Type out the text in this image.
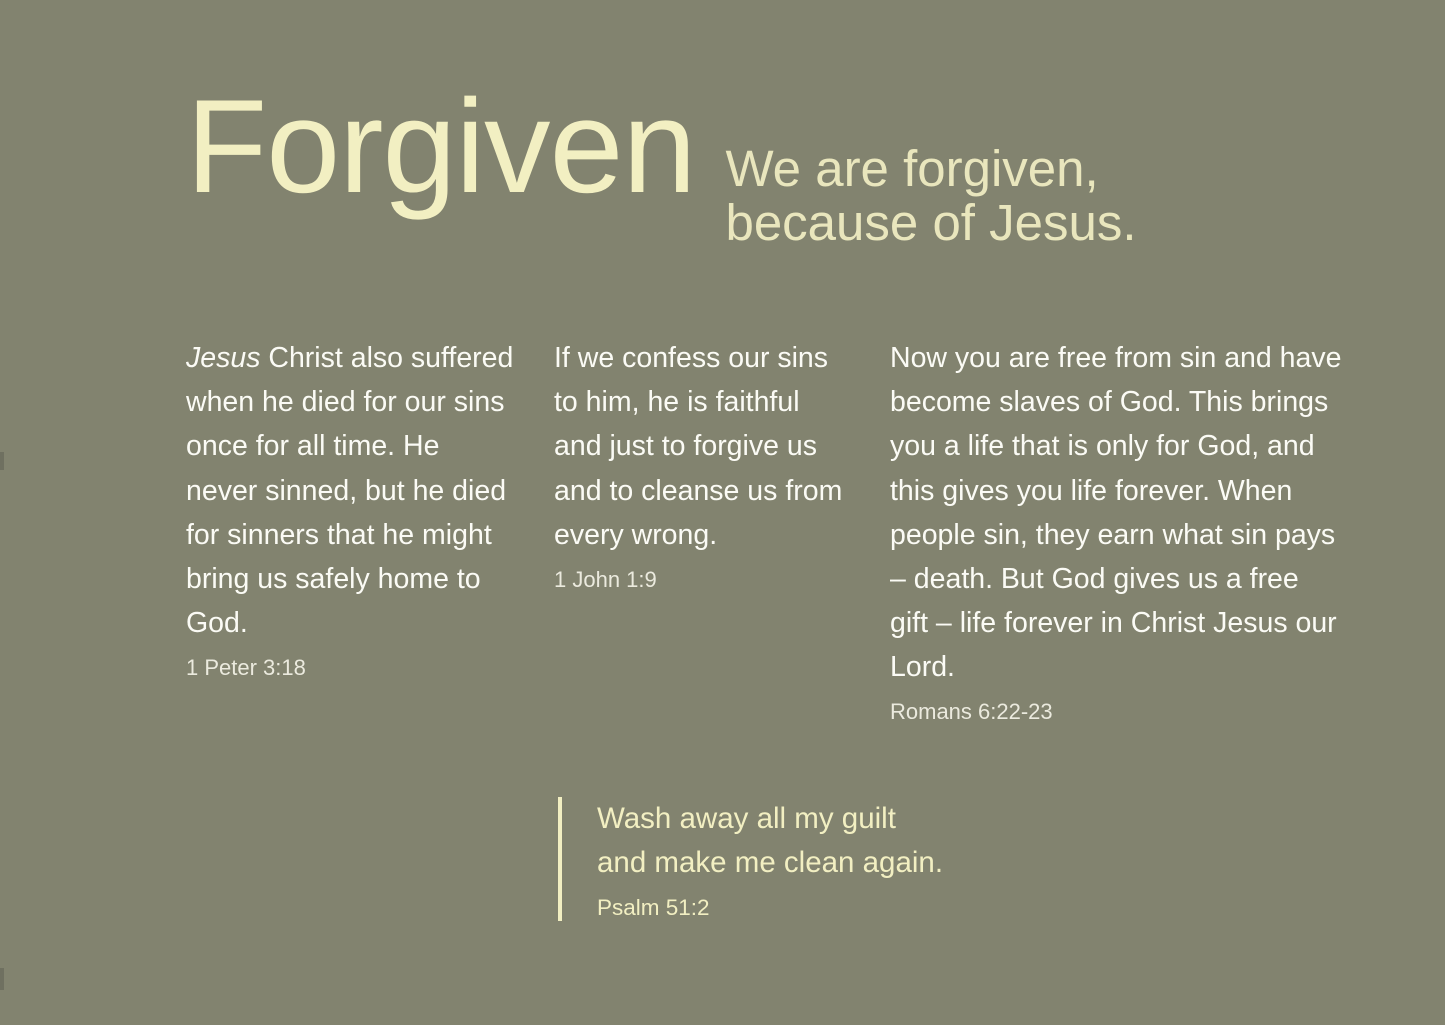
Forgiven We are forgiven,
because of Jesus.
Jesus Christ also suffered when he died for our sins once for all time. He never sinned, but he died for sinners that he might bring us safely home to God.
1 Peter 3:18
If we confess our sins to him, he is faithful and just to forgive us and to cleanse us from every wrong.
1 John 1:9
Now you are free from sin and have become slaves of God. This brings you a life that is only for God, and this gives you life forever. When people sin, they earn what sin pays – death. But God gives us a free gift – life forever in Christ Jesus our Lord.
Romans 6:22-23
Wash away all my guilt
and make me clean again.
Psalm 51:2
